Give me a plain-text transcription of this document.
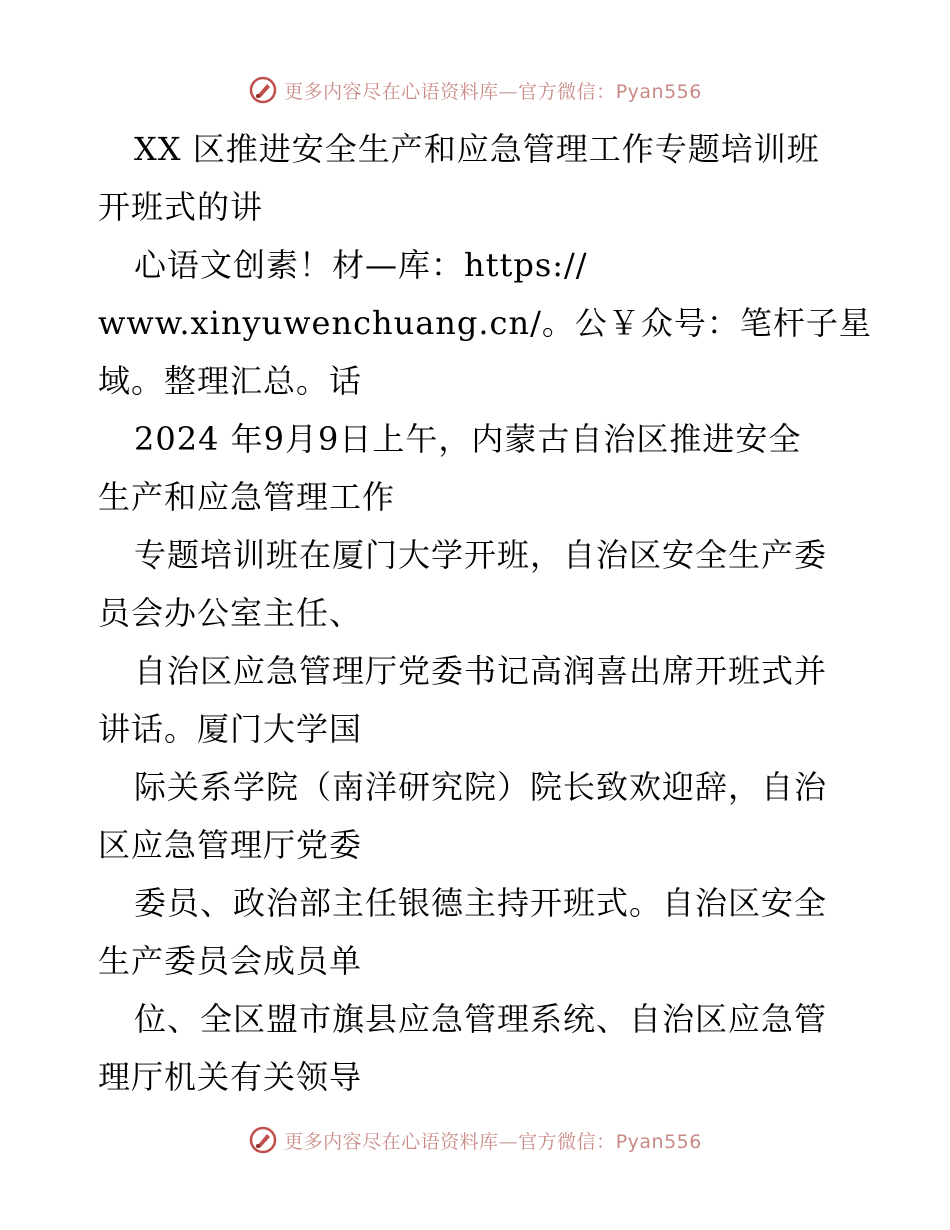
更多内容尽在心语资料库—官方微信：Pyan556
XX 区推进安全生产和应急管理工作专题培训班
开班式的讲
心语文创素！材—库：https://
www.xinyuwenchuang.cn/。公￥众号：笔杆子星
域。整理汇总。话
2024 年9月9日上午，内蒙古自治区推进安全
生产和应急管理工作
专题培训班在厦门大学开班，自治区安全生产委
员会办公室主任、
自治区应急管理厅党委书记高润喜出席开班式并
讲话。厦门大学国
际关系学院（南洋研究院）院长致欢迎辞，自治
区应急管理厅党委
委员、政治部主任银德主持开班式。自治区安全
生产委员会成员单
位、全区盟市旗县应急管理系统、自治区应急管
理厅机关有关领导
更多内容尽在心语资料库—官方微信：Pyan556
